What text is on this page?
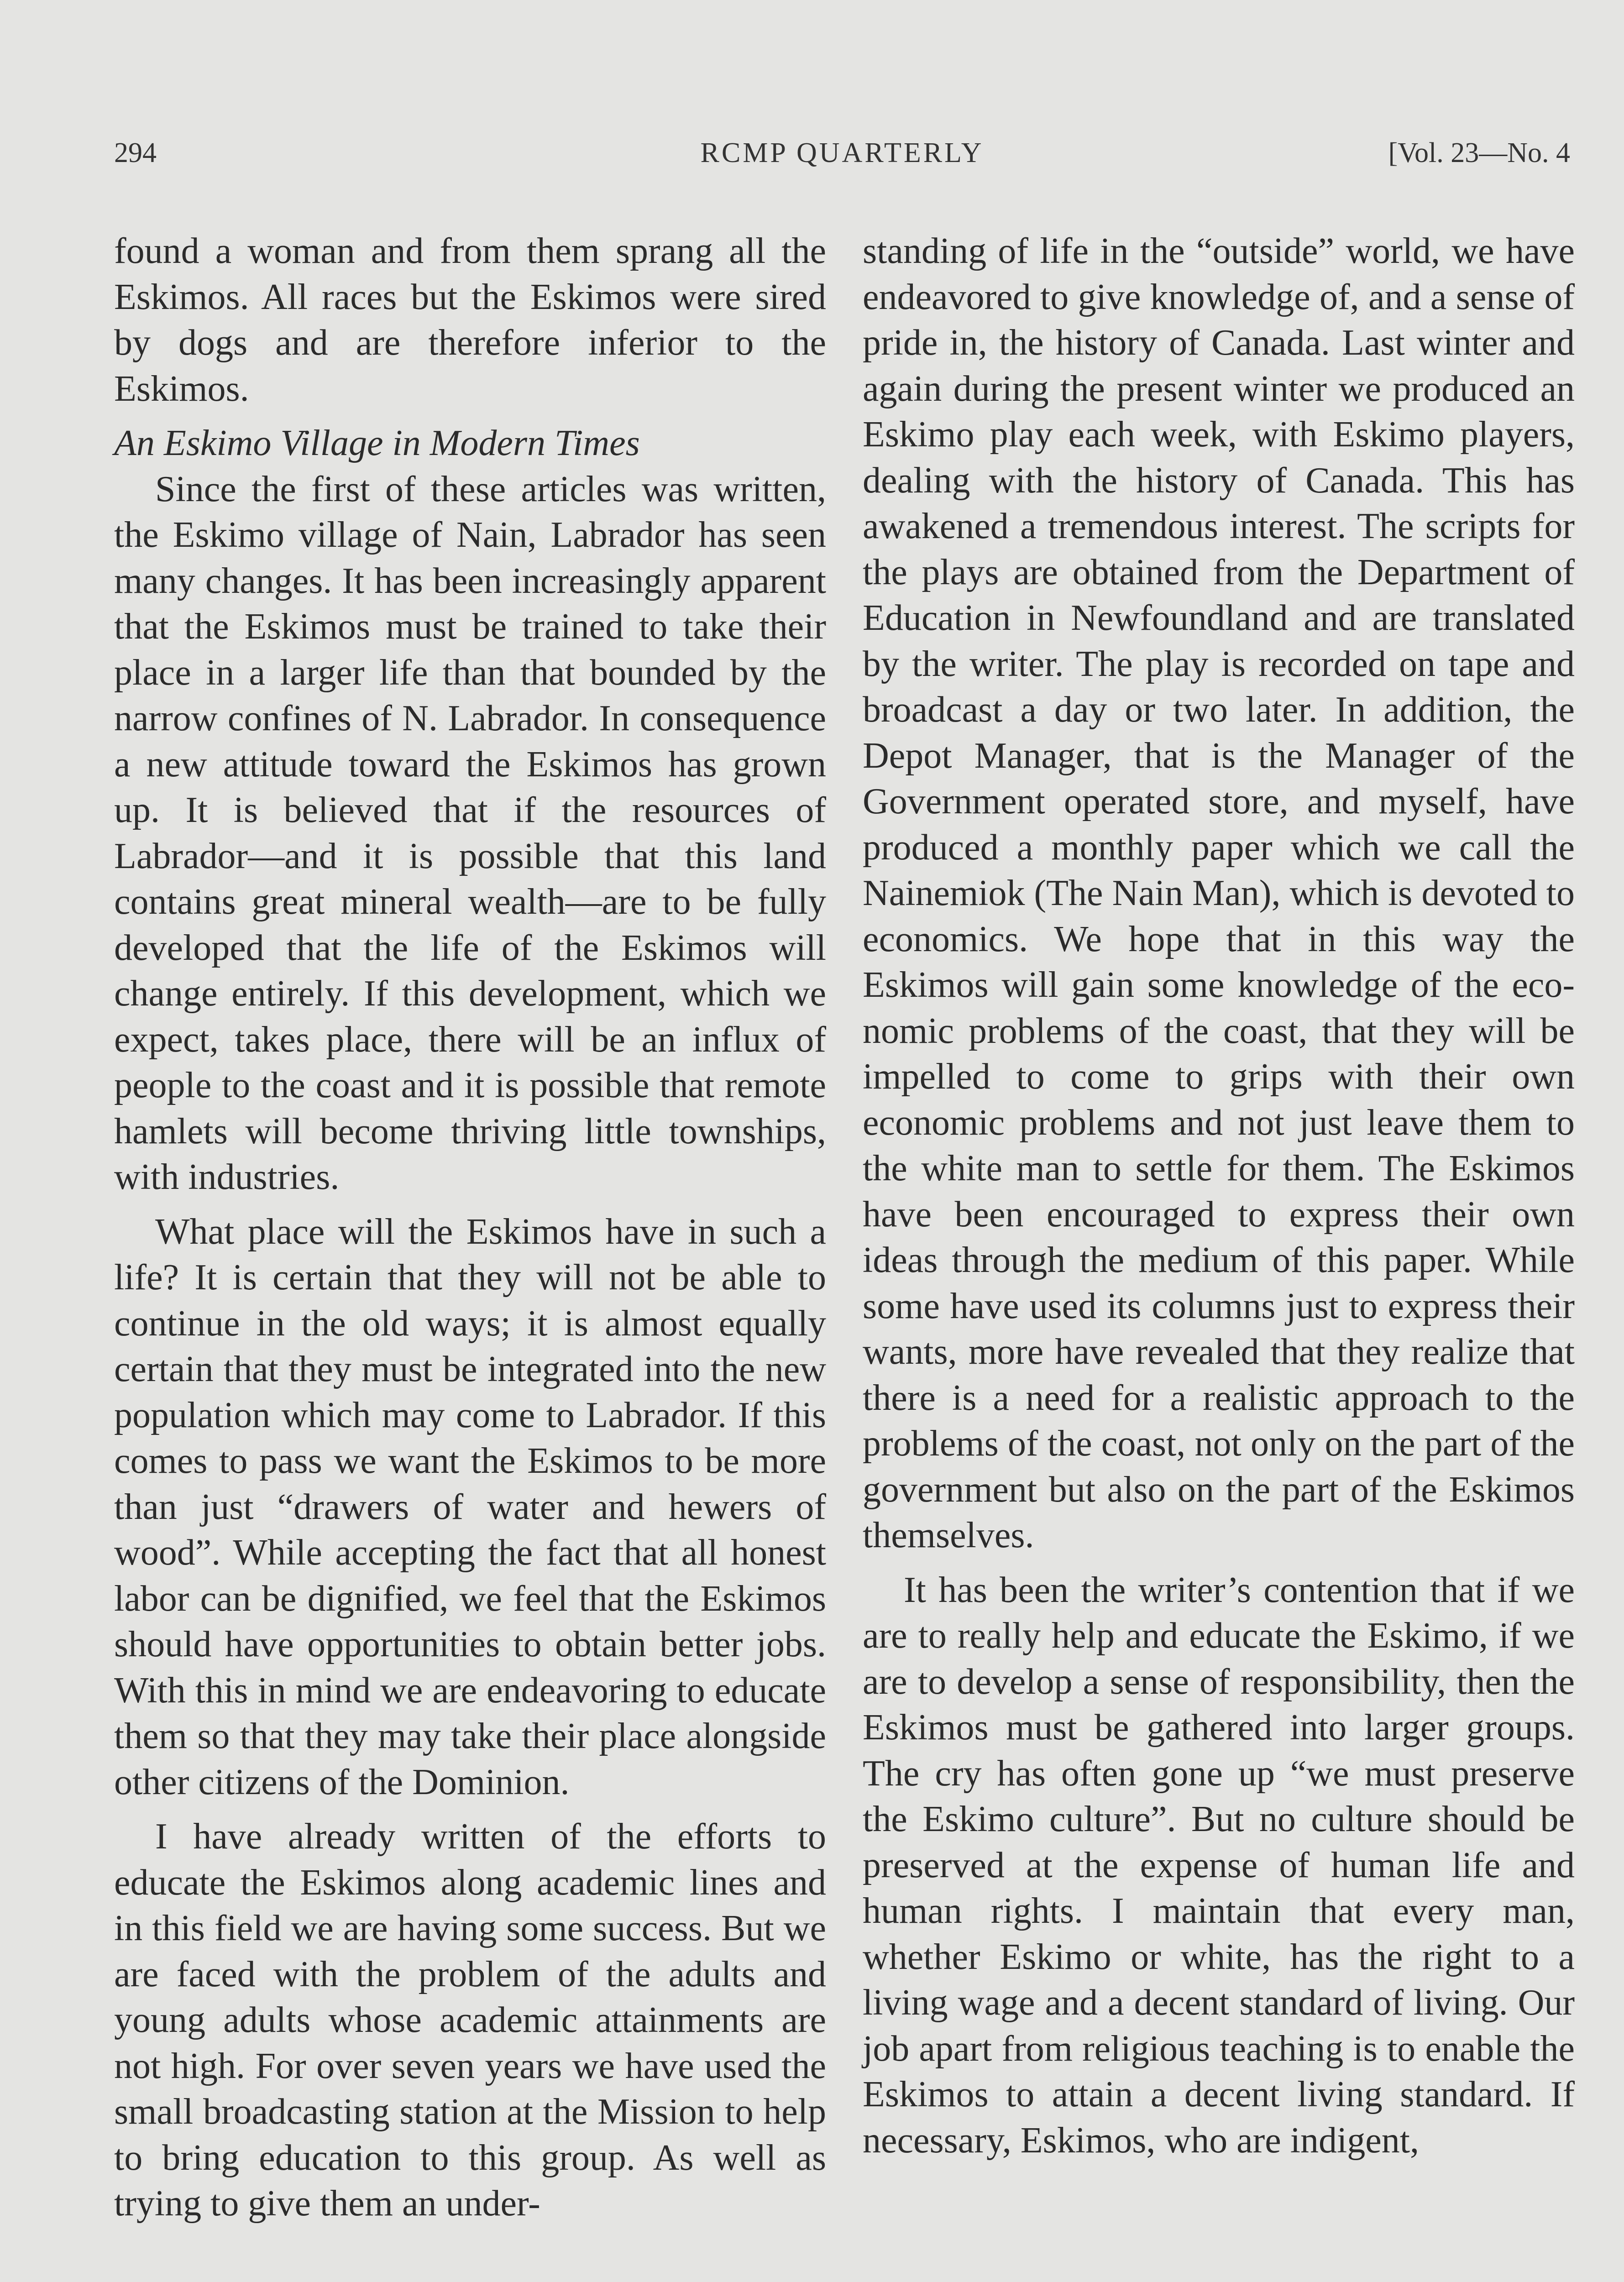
294	RCMP QUARTERLY	[Vol. 23—No. 4

found a woman and from them sprang all the Eskimos. All races but the Eskimos were sired by dogs and are therefore inferior to the Eskimos.

An Eskimo Village in Modern Times

Since the first of these articles was written, the Eskimo village of Nain, Labrador has seen many changes. It has been increasingly apparent that the Eskimos must be trained to take their place in a larger life than that bounded by the narrow confines of N. Labrador. In consequence a new attitude toward the Eskimos has grown up. It is believed that if the resources of Labrador—and it is possible that this land contains great mineral wealth—are to be fully developed that the life of the Eskimos will change entirely. If this development, which we expect, takes place, there will be an influx of people to the coast and it is possible that remote hamlets will become thriving little townships, with industries.

What place will the Eskimos have in such a life? It is certain that they will not be able to continue in the old ways; it is almost equally certain that they must be integrated into the new population which may come to Labrador. If this comes to pass we want the Eskimos to be more than just “drawers of water and hewers of wood”. While accepting the fact that all honest labor can be dignified, we feel that the Eskimos should have opportunities to obtain better jobs. With this in mind we are endeavoring to educate them so that they may take their place alongside other citizens of the Dominion.

I have already written of the efforts to educate the Eskimos along academic lines and in this field we are having some success. But we are faced with the problem of the adults and young adults whose academic attainments are not high. For over seven years we have used the small broadcasting station at the Mission to help to bring education to this group. As well as trying to give them an under-

standing of life in the “outside” world, we have endeavored to give knowledge of, and a sense of pride in, the history of Canada. Last winter and again during the present winter we produced an Eskimo play each week, with Eskimo players, dealing with the history of Canada. This has awakened a tremendous interest. The scripts for the plays are obtained from the Department of Education in Newfoundland and are translated by the writer. The play is recorded on tape and broadcast a day or two later. In addition, the Depot Manager, that is the Manager of the Government operated store, and myself, have produced a monthly paper which we call the Nainemiok (The Nain Man), which is devoted to economics. We hope that in this way the Eskimos will gain some knowledge of the economic problems of the coast, that they will be impelled to come to grips with their own economic problems and not just leave them to the white man to settle for them. The Eskimos have been encouraged to express their own ideas through the medium of this paper. While some have used its columns just to express their wants, more have revealed that they realize that there is a need for a realistic approach to the problems of the coast, not only on the part of the government but also on the part of the Eskimos themselves.

It has been the writer’s contention that if we are to really help and educate the Eskimo, if we are to develop a sense of responsibility, then the Eskimos must be gathered into larger groups. The cry has often gone up “we must preserve the Eskimo culture”. But no culture should be preserved at the expense of human life and human rights. I maintain that every man, whether Eskimo or white, has the right to a living wage and a decent standard of living. Our job apart from religious teaching is to enable the Eskimos to attain a decent living standard. If necessary, Eskimos, who are indigent,
